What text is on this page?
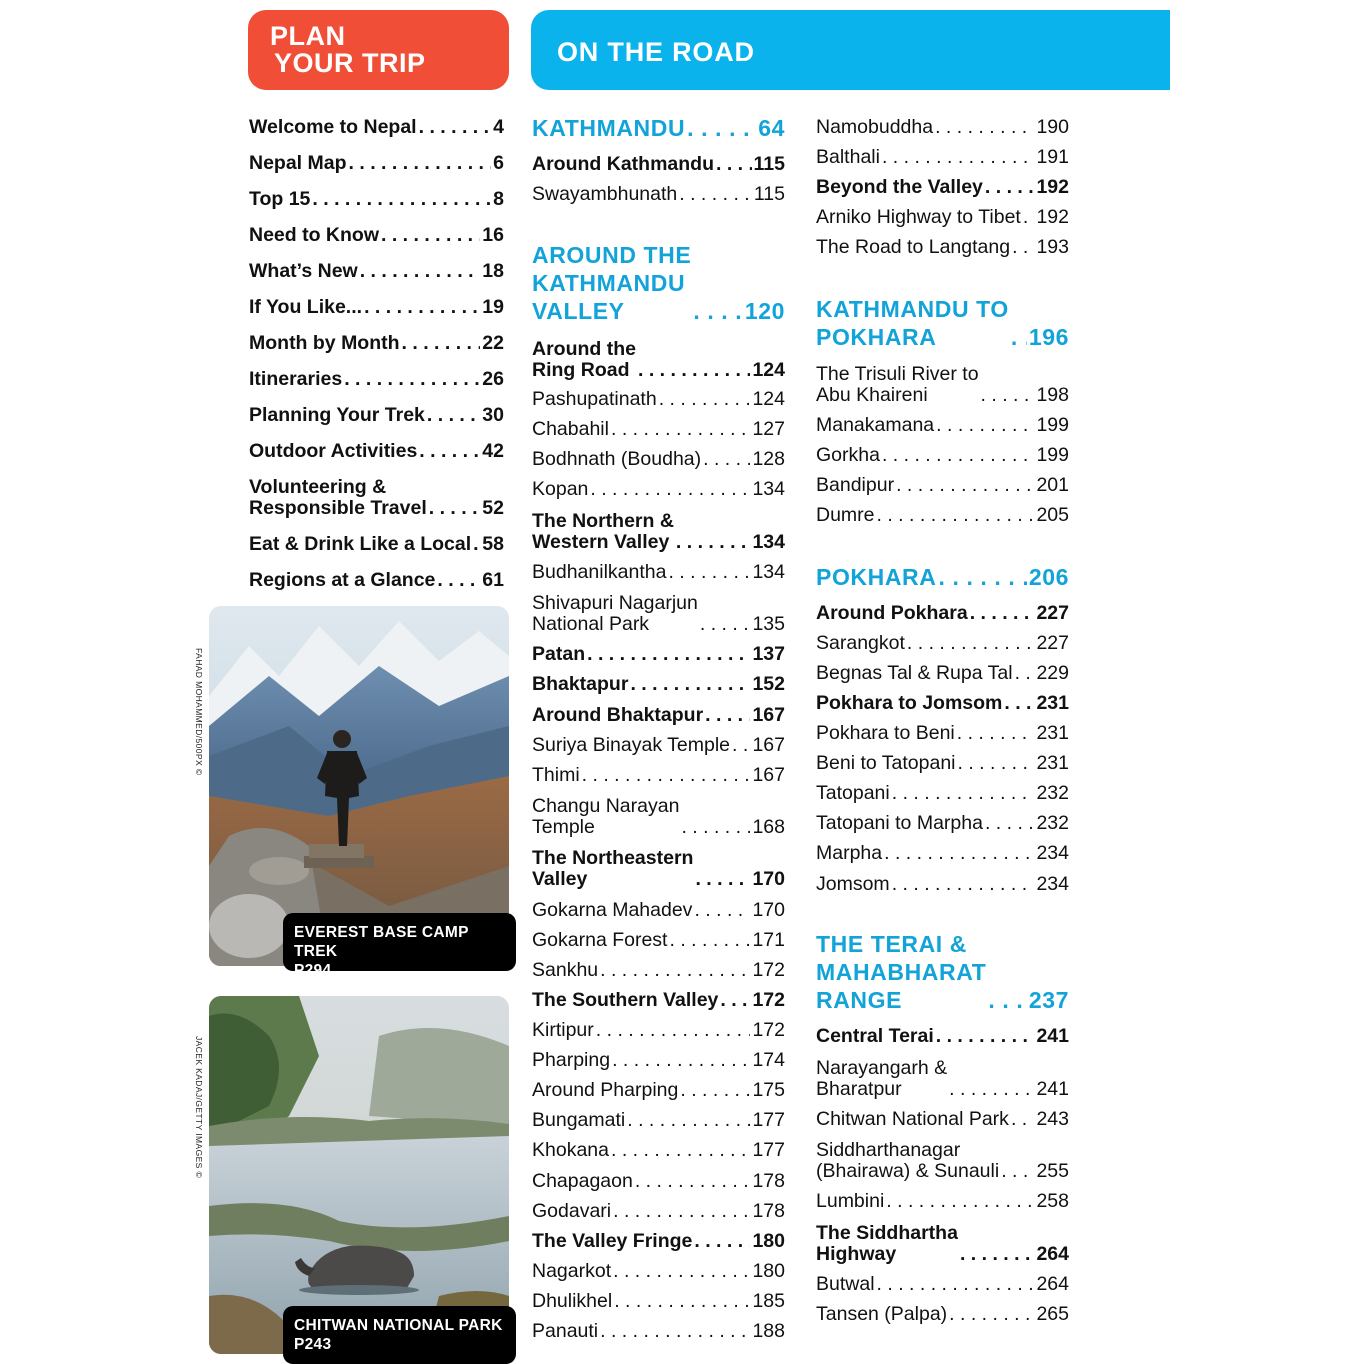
PLAN
YOUR TRIP	ON THE ROAD
Welcome to Nepal . . .	4
Nepal Map . . .	6
Top 15 . . .	8
Need to Know . . .	16
What’s New . . .	18
If You Like... . . .	19
Month by Month . . .	22
Itineraries . . .	26
Planning Your Trek . . .	30
Outdoor Activities . . .	42
Volunteering &
Responsible Travel . . .	52
Eat & Drink Like a Local . . . 58
Regions at a Glance . . . 61
KATHMANDU . . .	64
Around Kathmandu . . . 115
Swayambhunath . . .	115
AROUND THE
KATHMANDU
VALLEY . . .	120
Around the
Ring Road . . .	124
Pashupatinath . . .	124
Chabahil . . .	127
Bodhnath (Boudha) . . .	128
Kopan . . .	134
The Northern &
Western Valley . . .	134
Budhanilkantha . . .	134
Shivapuri Nagarjun
National Park . . .	135
Patan . . .	137
Bhaktapur . . .	152
Around Bhaktapur . . .	167
Suriya Binayak Temple . . . 167
Thimi . . .	167
Changu Narayan
Temple . . .	168
The Northeastern
Valley . . .	170
Gokarna Mahadev . . .	170
Gokarna Forest . . .	171
Sankhu . . .	172
The Southern Valley . . . 172
Kirtipur . . .	172
Pharping . . .	174
Around Pharping . . .	175
Bungamati . . .	177
Khokana . . .	177
Chapagaon . . .	178
Godavari . . .	178
The Valley Fringe . . .	180
Nagarkot . . .	180
Dhulikhel . . .	185
Panauti . . .	188
Namobuddha . . .	190
Balthali . . .	191
Beyond the Valley . . .	192
Arniko Highway to Tibet . . . 192
The Road to Langtang . . . 193
KATHMANDU TO
POKHARA . . .	196
The Trisuli River to
Abu Khaireni . . .	198
Manakamana . . .	199
Gorkha . . .	199
Bandipur . . .	201
Dumre . . .	205
POKHARA . . .	206
Around Pokhara . . .	227
Sarangkot . . .	227
Begnas Tal & Rupa Tal . . . 229
Pokhara to Jomsom . . . 231
Pokhara to Beni . . .	231
Beni to Tatopani . . .	231
Tatopani . . .	232
Tatopani to Marpha . . .	232
Marpha . . .	234
Jomsom . . .	234
THE TERAI &
MAHABHARAT
RANGE . . .	237
Central Terai . . .	241
Narayangarh &
Bharatpur . . .	241
Chitwan National Park . . . 243
Siddharthanagar
(Bhairawa) & Sunauli . . . 255
Lumbini . . .	258
The Siddhartha
Highway . . .	264
Butwal . . .	264
Tansen (Palpa) . . .	265
EVEREST BASE CAMP TREK
P294
FAHAD MOHAMMED/500PX ©
CHITWAN NATIONAL PARK
P243
JACEK KADAJ/GETTY IMAGES ©
